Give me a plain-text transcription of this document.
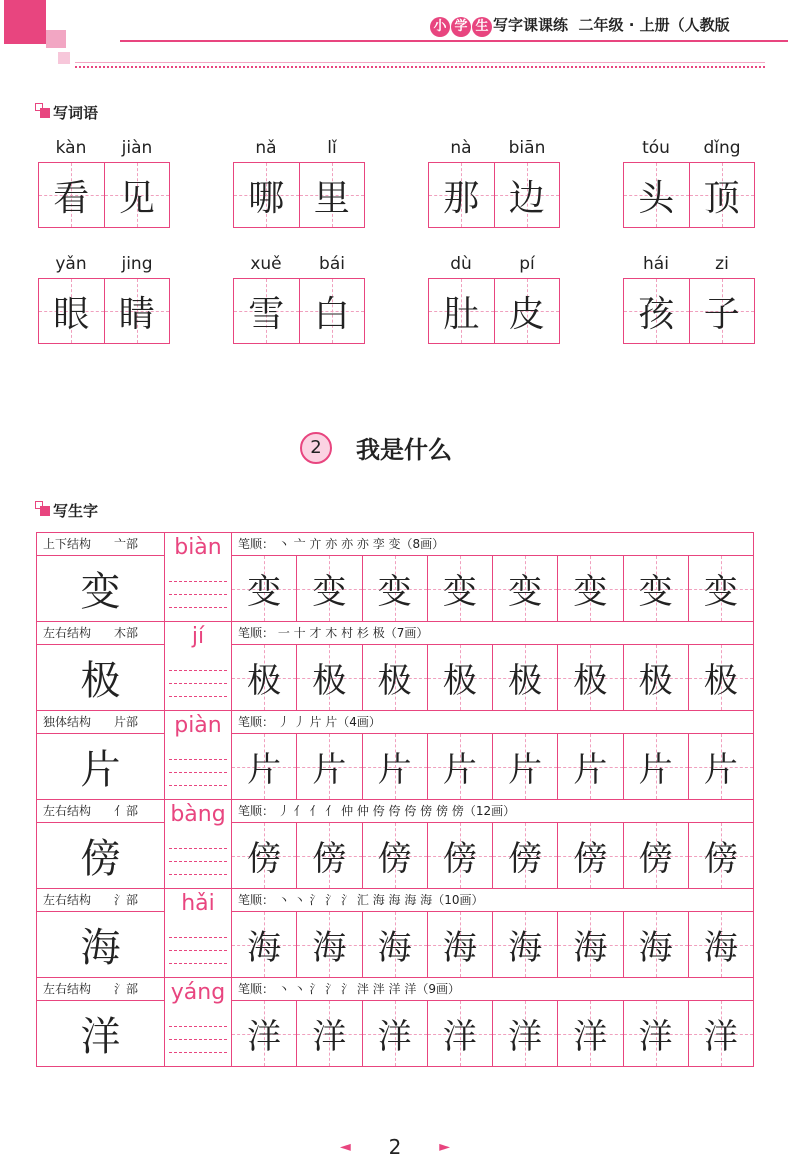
小 学 生 写字课课练 二年级 · 上册（人教版
写词语
kàn	jiàn
看 见
nǎ	lǐ
哪 里
nà	biān
那 边
tóu	dǐng
头 顶
yǎn	jing
眼 睛
xuě	bái
雪 白
dù	pí
肚 皮
hái	zi
孩 子
2	我是什么
写生字
上下结构	亠部
变
biàn	笔顺： 丶 亠 亣 亦 亦 亦 孪 变（8画）
变 变 变 变 变 变 变 变
左右结构	木部
极
jí	笔顺： 一 十 才 木 村 杉 极（7画）
极 极 极 极 极 极 极 极
独体结构	片部
片
piàn	笔顺： 丿 丿 片 片（4画）
片 片 片 片 片 片 片 片
左右结构	亻部
傍
bàng	笔顺： 丿 亻 亻 亻 仲 仲 侉 侉 侉 傍 傍 傍（12画）
傍 傍 傍 傍 傍 傍 傍 傍
左右结构	氵部
海
hǎi	笔顺： 丶 丶 氵 氵 氵 汇 海 海 海 海（10画）
海 海 海 海 海 海 海 海
左右结构	氵部
洋
yáng	笔顺： 丶 丶 氵 氵 氵 泮 泮 洋 洋（9画）
洋 洋 洋 洋 洋 洋 洋 洋
◄ 2	►
